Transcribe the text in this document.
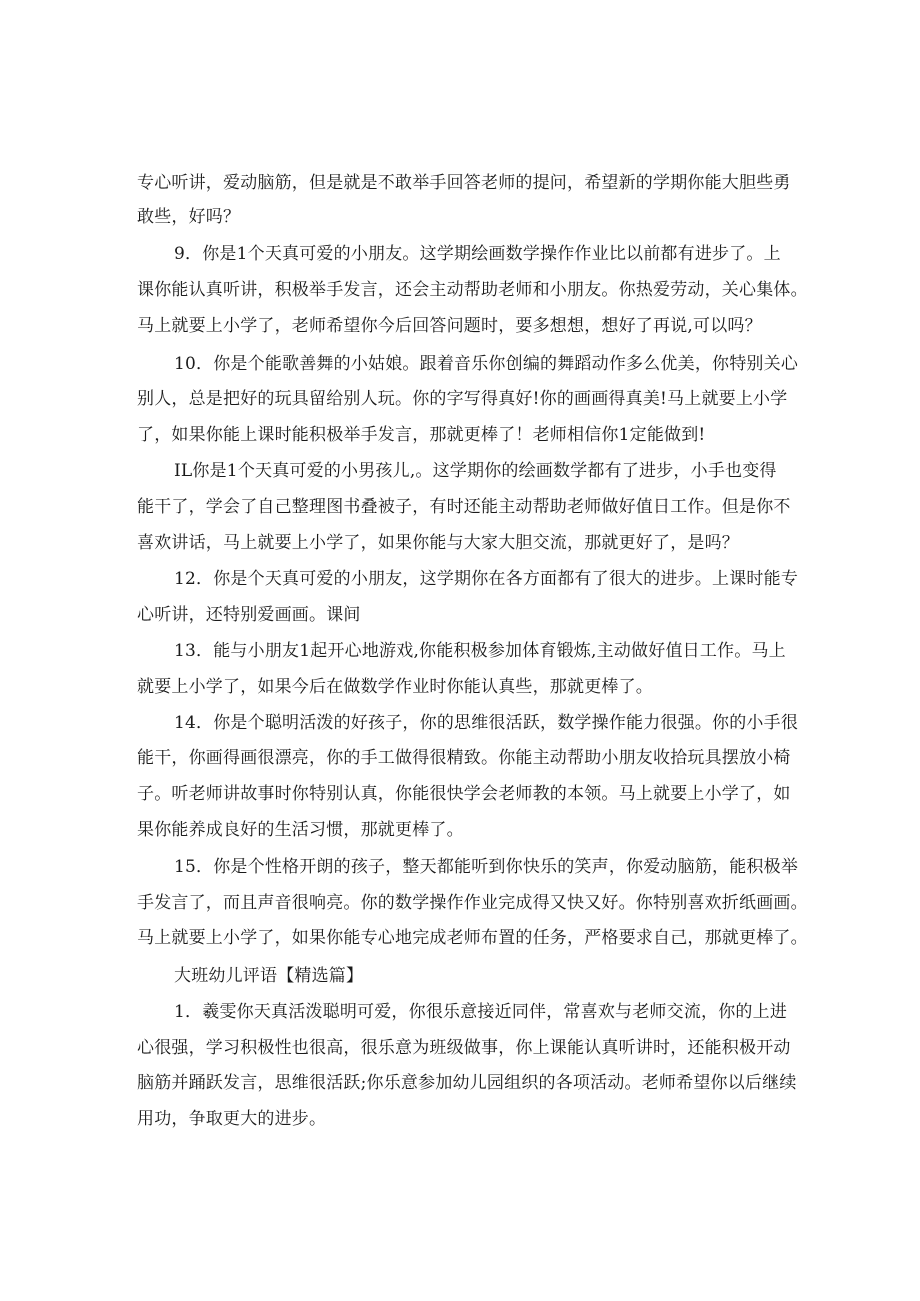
专心听讲，爱动脑筋，但是就是不敢举手回答老师的提问，希望新的学期你能大胆些勇
敢些，好吗？
9．你是1个天真可爱的小朋友。这学期绘画数学操作作业比以前都有进步了。上
课你能认真听讲，积极举手发言，还会主动帮助老师和小朋友。你热爱劳动，关心集体。
马上就要上小学了，老师希望你今后回答问题时，要多想想，想好了再说,可以吗？
10．你是个能歌善舞的小姑娘。跟着音乐你创编的舞蹈动作多么优美，你特别关心
别人，总是把好的玩具留给别人玩。你的字写得真好!你的画画得真美!马上就要上小学
了，如果你能上课时能积极举手发言，那就更棒了！老师相信你1定能做到!
IL你是1个天真可爱的小男孩儿,。这学期你的绘画数学都有了进步，小手也变得
能干了，学会了自己整理图书叠被子，有时还能主动帮助老师做好值日工作。但是你不
喜欢讲话，马上就要上小学了，如果你能与大家大胆交流，那就更好了，是吗？
12．你是个天真可爱的小朋友，这学期你在各方面都有了很大的进步。上课时能专
心听讲，还特别爱画画。课间
13．能与小朋友1起开心地游戏,你能积极参加体育锻炼,主动做好值日工作。马上
就要上小学了，如果今后在做数学作业时你能认真些，那就更棒了。
14．你是个聪明活泼的好孩子，你的思维很活跃，数学操作能力很强。你的小手很
能干，你画得画很漂亮，你的手工做得很精致。你能主动帮助小朋友收拾玩具摆放小椅
子。听老师讲故事时你特别认真，你能很快学会老师教的本领。马上就要上小学了，如
果你能养成良好的生活习惯，那就更棒了。
15．你是个性格开朗的孩子，整天都能听到你快乐的笑声，你爱动脑筋，能积极举
手发言了，而且声音很响亮。你的数学操作作业完成得又快又好。你特别喜欢折纸画画。
马上就要上小学了，如果你能专心地完成老师布置的任务，严格要求自己，那就更棒了。
大班幼儿评语【精选篇】
1．羲雯你天真活泼聪明可爱，你很乐意接近同伴，常喜欢与老师交流，你的上进
心很强，学习积极性也很高，很乐意为班级做事，你上课能认真听讲时，还能积极开动
脑筋并踊跃发言，思维很活跃;你乐意参加幼儿园组织的各项活动。老师希望你以后继续
用功，争取更大的进步。
